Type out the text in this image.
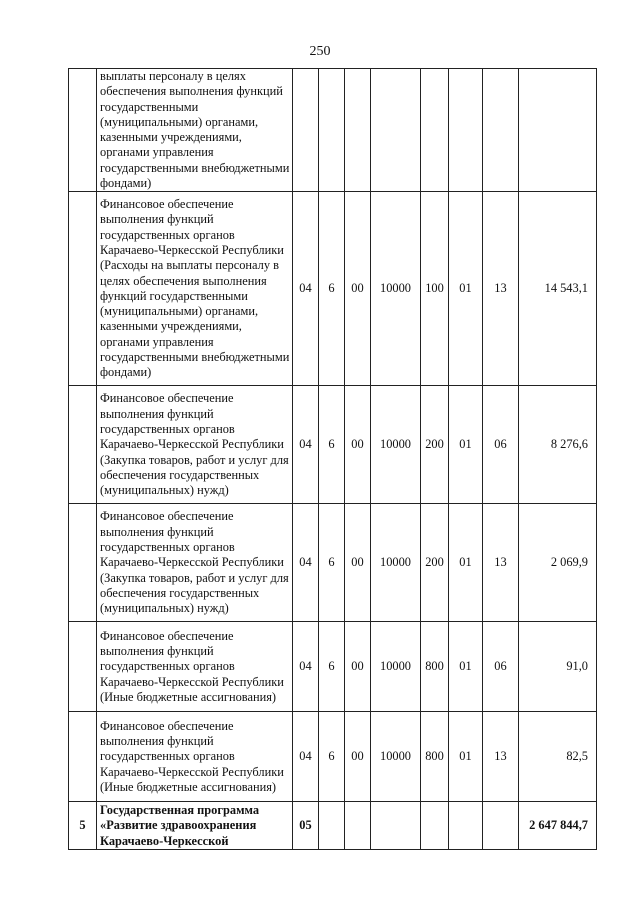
250
	выплаты персоналу в целях обеспечения выполнения функций государственными (муниципальными) органами, казенными учреждениями, органами управления государственными внебюджетными фондами)								
	Финансовое обеспечение выполнения функций государственных органов Карачаево-Черкесской Республики (Расходы на выплаты персоналу в целях обеспечения выполнения функций государственными (муниципальными) органами, казенными учреждениями, органами управления государственными внебюджетными фондами)	04	6	00	10000	100	01	13	14 543,1
	Финансовое обеспечение выполнения функций государственных органов Карачаево-Черкесской Республики (Закупка товаров, работ и услуг для обеспечения государственных (муниципальных) нужд)	04	6	00	10000	200	01	06	8 276,6
	Финансовое обеспечение выполнения функций государственных органов Карачаево-Черкесской Республики (Закупка товаров, работ и услуг для обеспечения государственных (муниципальных) нужд)	04	6	00	10000	200	01	13	2 069,9
	Финансовое обеспечение выполнения функций государственных органов Карачаево-Черкесской Республики (Иные бюджетные ассигнования)	04	6	00	10000	800	01	06	91,0
	Финансовое обеспечение выполнения функций государственных органов Карачаево-Черкесской Республики (Иные бюджетные ассигнования)	04	6	00	10000	800	01	13	82,5
5	Государственная программа «Развитие здравоохранения Карачаево-Черкесской	05							2 647 844,7
